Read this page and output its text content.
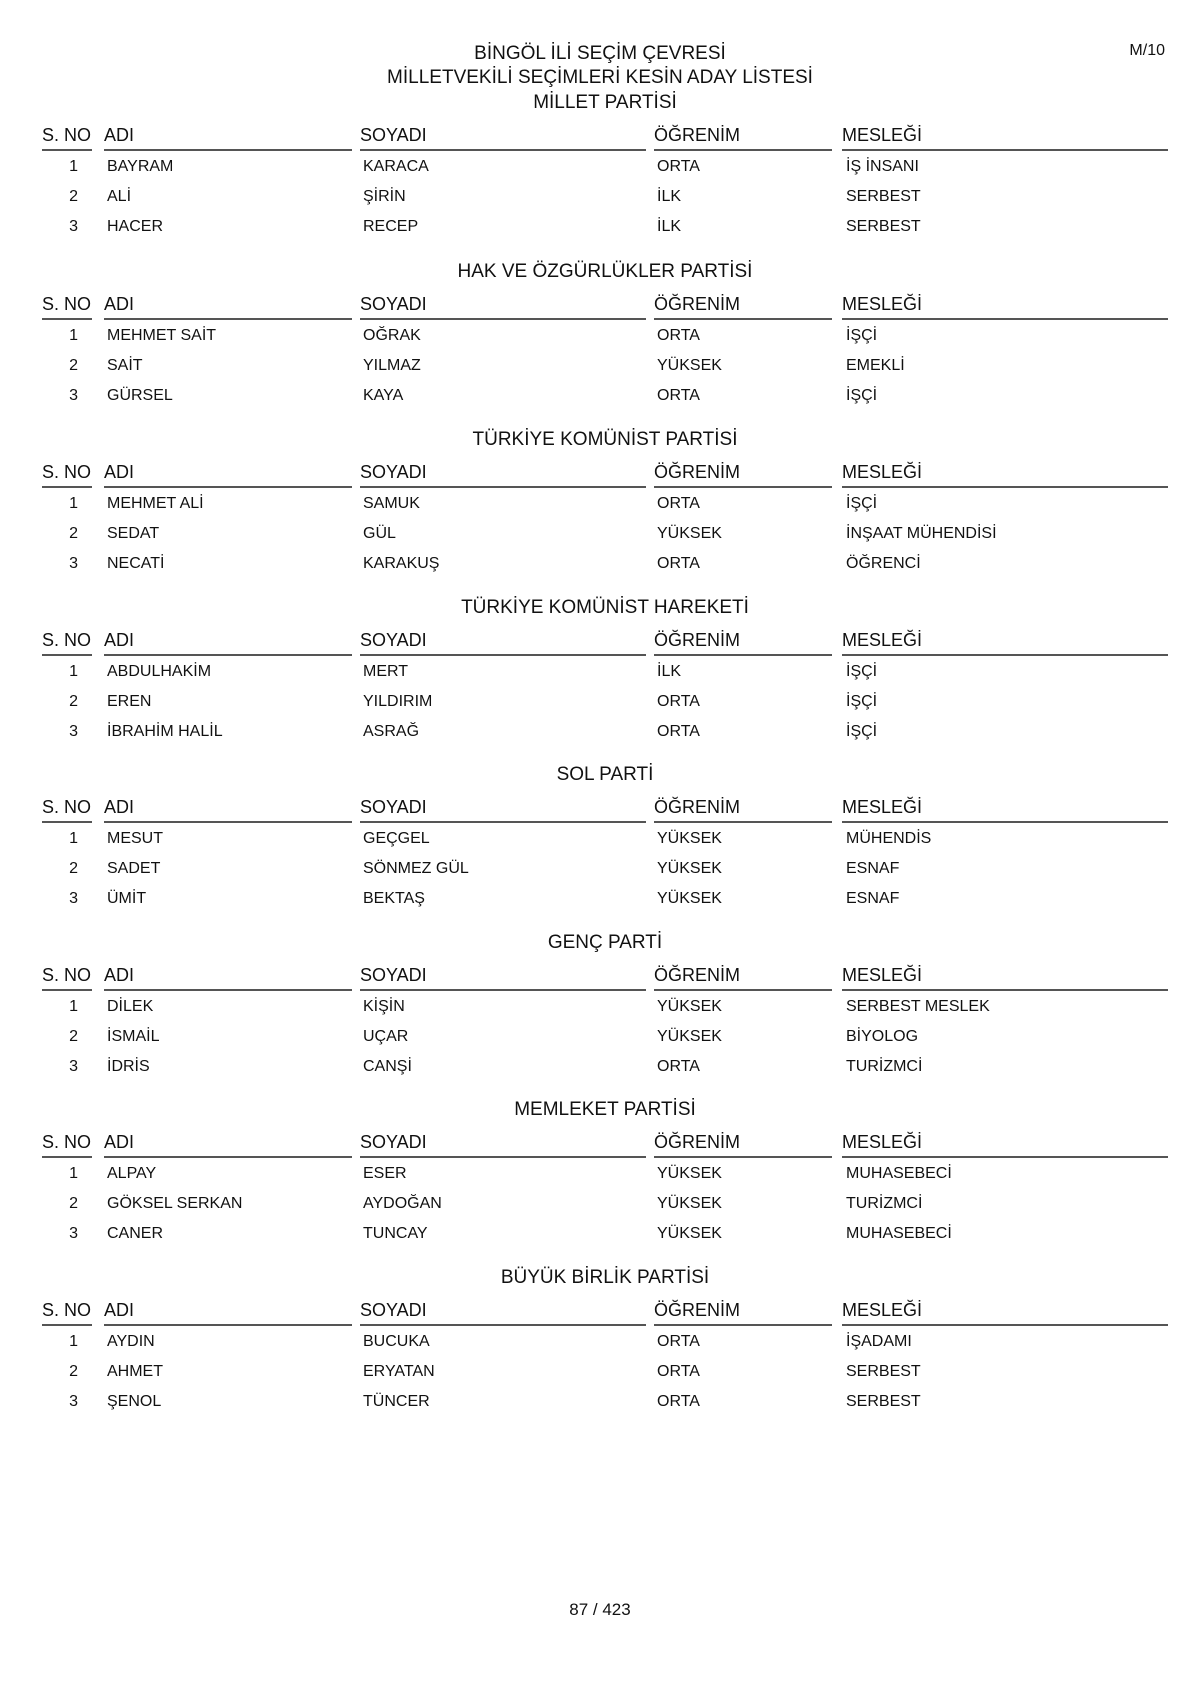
M/10
BİNGÖL İLİ SEÇİM ÇEVRESİ
MİLLETVEKİLİ SEÇİMLERİ KESİN ADAY LİSTESİ
MİLLET PARTİSİ
S. NO ADI	SOYADI	ÖĞRENİM	MESLEĞİ
1 BAYRAM	KARACA	ORTA	İŞ İNSANI
2 ALİ	ŞİRİN	İLK	SERBEST
3 HACER	RECEP	İLK	SERBEST
HAK VE ÖZGÜRLÜKLER PARTİSİ
S. NO ADI	SOYADI	ÖĞRENİM	MESLEĞİ
1 MEHMET SAİT	OĞRAK	ORTA	İŞÇİ
2 SAİT	YILMAZ	YÜKSEK	EMEKLİ
3 GÜRSEL	KAYA	ORTA	İŞÇİ
TÜRKİYE KOMÜNİST PARTİSİ
S. NO ADI	SOYADI	ÖĞRENİM	MESLEĞİ
1 MEHMET ALİ	SAMUK	ORTA	İŞÇİ
2 SEDAT	GÜL	YÜKSEK	İNŞAAT MÜHENDİSİ
3 NECATİ	KARAKUŞ	ORTA	ÖĞRENCİ
TÜRKİYE KOMÜNİST HAREKETİ
S. NO ADI	SOYADI	ÖĞRENİM	MESLEĞİ
1 ABDULHAKİM	MERT	İLK	İŞÇİ
2 EREN	YILDIRIM	ORTA	İŞÇİ
3 İBRAHİM HALİL	ASRAĞ	ORTA	İŞÇİ
SOL PARTİ
S. NO ADI	SOYADI	ÖĞRENİM	MESLEĞİ
1 MESUT	GEÇGEL	YÜKSEK	MÜHENDİS
2 SADET	SÖNMEZ GÜL	YÜKSEK	ESNAF
3 ÜMİT	BEKTAŞ	YÜKSEK	ESNAF
GENÇ PARTİ
S. NO ADI	SOYADI	ÖĞRENİM	MESLEĞİ
1 DİLEK	KİŞİN	YÜKSEK	SERBEST MESLEK
2 İSMAİL	UÇAR	YÜKSEK	BİYOLOG
3 İDRİS	CANŞİ	ORTA	TURİZMCİ
MEMLEKET PARTİSİ
S. NO ADI	SOYADI	ÖĞRENİM	MESLEĞİ
1 ALPAY	ESER	YÜKSEK	MUHASEBECİ
2 GÖKSEL SERKAN	AYDOĞAN	YÜKSEK	TURİZMCİ
3 CANER	TUNCAY	YÜKSEK	MUHASEBECİ
BÜYÜK BİRLİK PARTİSİ
S. NO ADI	SOYADI	ÖĞRENİM	MESLEĞİ
1 AYDIN	BUCUKA	ORTA	İŞADAMI
2 AHMET	ERYATAN	ORTA	SERBEST
3 ŞENOL	TÜNCER	ORTA	SERBEST
87 / 423
